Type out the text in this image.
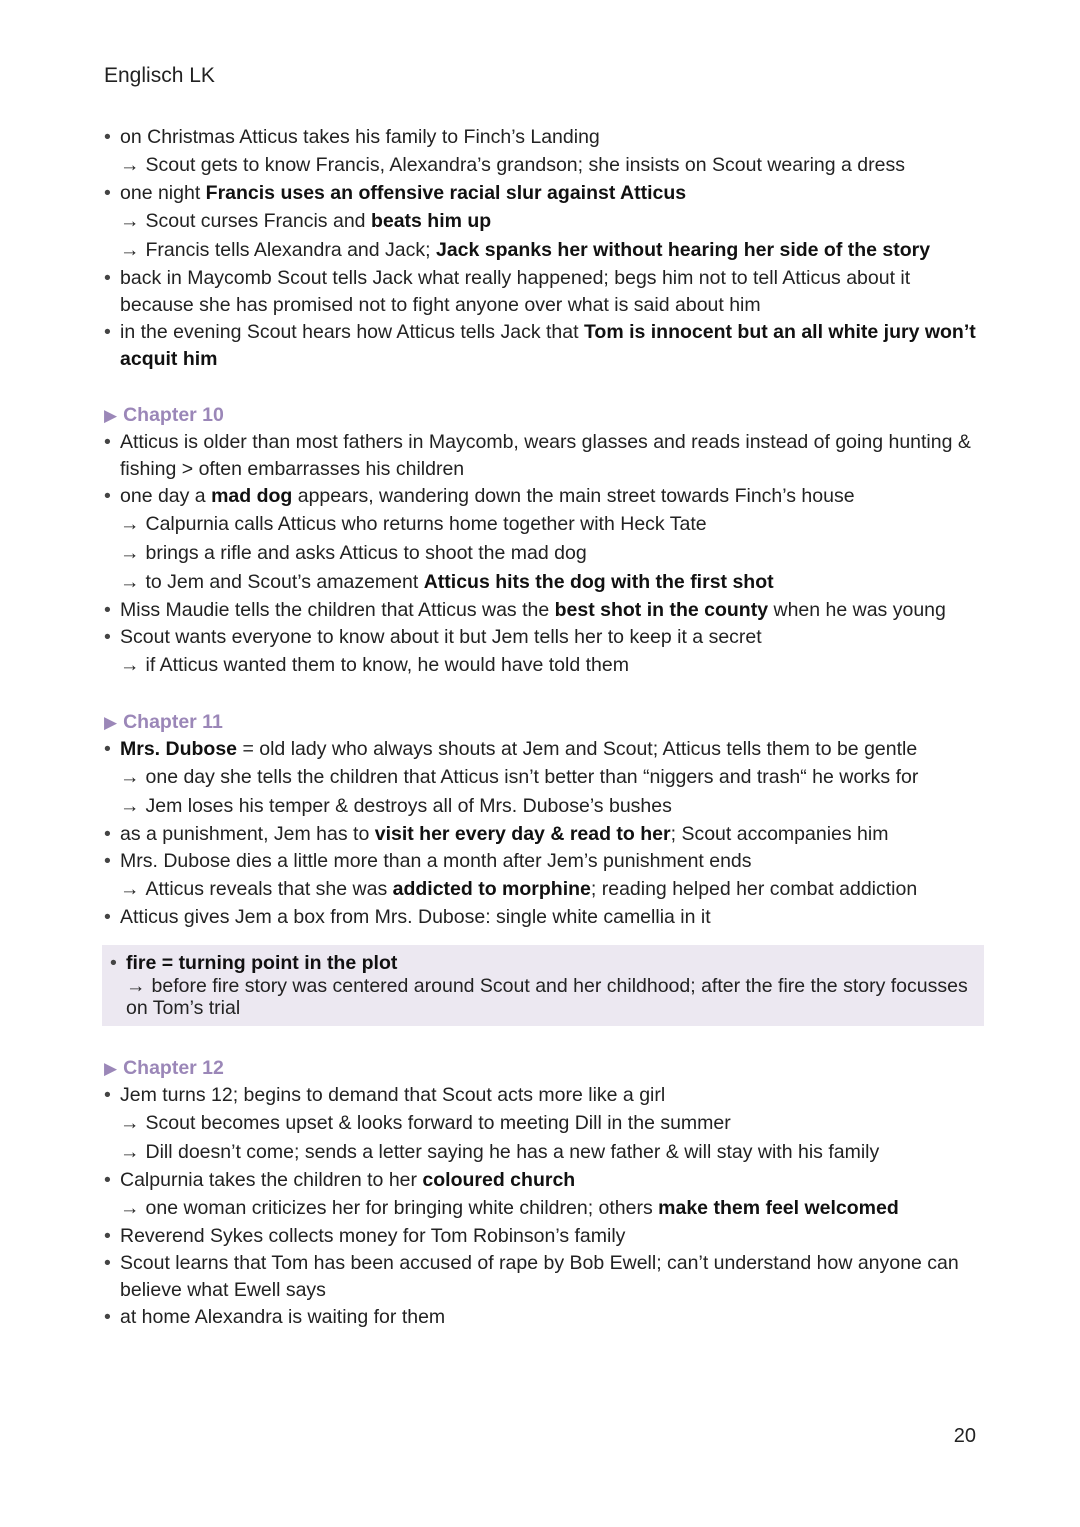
Englisch LK
• on Christmas Atticus takes his family to Finch’s Landing
→ Scout gets to know Francis, Alexandra’s grandson; she insists on Scout wearing a dress
• one night Francis uses an offensive racial slur against Atticus
→ Scout curses Francis and beats him up
→ Francis tells Alexandra and Jack; Jack spanks her without hearing her side of the story
• back in Maycomb Scout tells Jack what really happened; begs him not to tell Atticus about it because she has promised not to fight anyone over what is said about him
• in the evening Scout hears how Atticus tells Jack that Tom is innocent but an all white jury won’t acquit him
▶ Chapter 10
• Atticus is older than most fathers in Maycomb, wears glasses and reads instead of going hunting & fishing > often embarrasses his children
• one day a mad dog appears, wandering down the main street towards Finch’s house
→ Calpurnia calls Atticus who returns home together with Heck Tate
→ brings a rifle and asks Atticus to shoot the mad dog
→ to Jem and Scout’s amazement Atticus hits the dog with the first shot
• Miss Maudie tells the children that Atticus was the best shot in the county when he was young
• Scout wants everyone to know about it but Jem tells her to keep it a secret
→ if Atticus wanted them to know, he would have told them
▶ Chapter 11
• Mrs. Dubose = old lady who always shouts at Jem and Scout; Atticus tells them to be gentle
→ one day she tells the children that Atticus isn’t better than “niggers and trash“ he works for
→ Jem loses his temper & destroys all of Mrs. Dubose’s bushes
• as a punishment, Jem has to visit her every day & read to her; Scout accompanies him
• Mrs. Dubose dies a little more than a month after Jem’s punishment ends
→ Atticus reveals that she was addicted to morphine; reading helped her combat addiction
• Atticus gives Jem a box from Mrs. Dubose: single white camellia in it
• fire = turning point in the plot
→ before fire story was centered around Scout and her childhood; after the fire the story focusses on Tom’s trial
▶ Chapter 12
• Jem turns 12; begins to demand that Scout acts more like a girl
→ Scout becomes upset & looks forward to meeting Dill in the summer
→ Dill doesn’t come; sends a letter saying he has a new father & will stay with his family
• Calpurnia takes the children to her coloured church
→ one woman criticizes her for bringing white children; others make them feel welcomed
• Reverend Sykes collects money for Tom Robinson’s family
• Scout learns that Tom has been accused of rape by Bob Ewell; can’t understand how anyone can believe what Ewell says
• at home Alexandra is waiting for them
20
